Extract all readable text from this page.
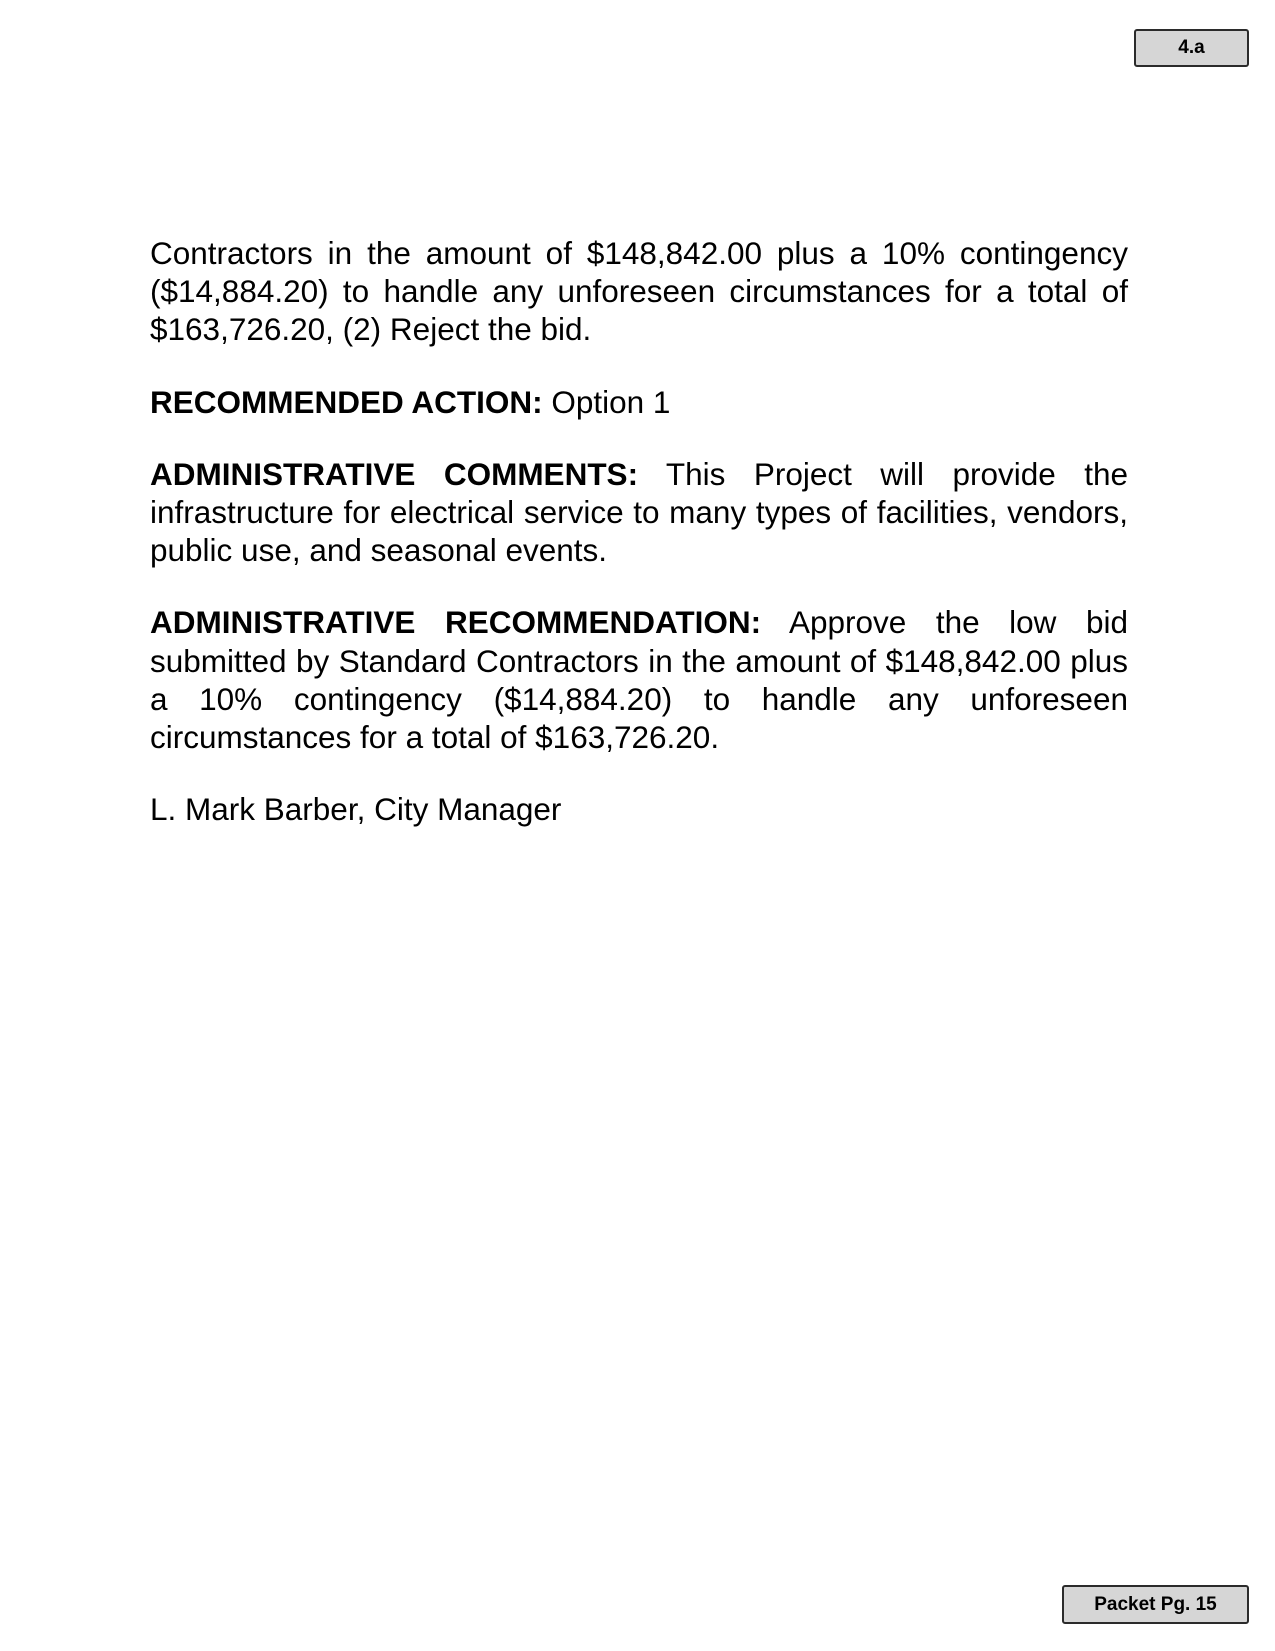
4.a

Contractors in the amount of $148,842.00 plus a 10% contingency ($14,884.20) to handle any unforeseen circumstances for a total of $163,726.20, (2) Reject the bid.

RECOMMENDED ACTION: Option 1

ADMINISTRATIVE COMMENTS: This Project will provide the infrastructure for electrical service to many types of facilities, vendors, public use, and seasonal events.

ADMINISTRATIVE RECOMMENDATION: Approve the low bid submitted by Standard Contractors in the amount of $148,842.00 plus a 10% contingency ($14,884.20) to handle any unforeseen circumstances for a total of $163,726.20.

L. Mark Barber, City Manager

Packet Pg. 15
